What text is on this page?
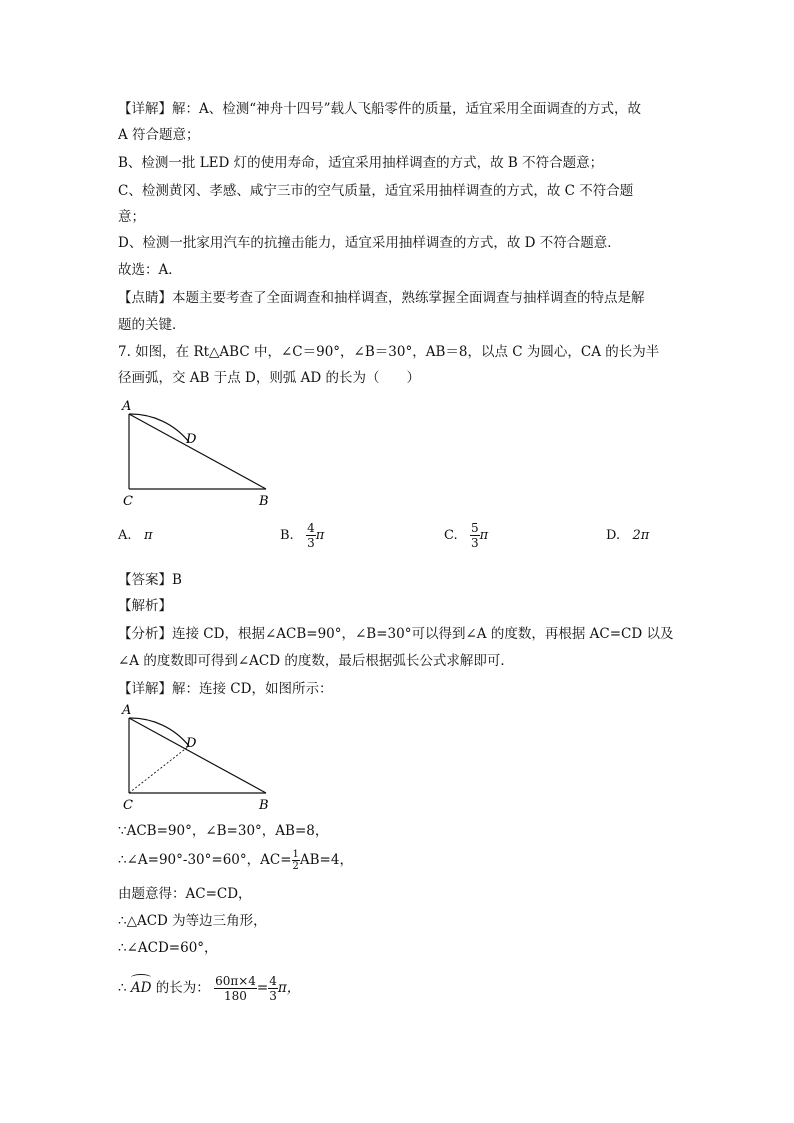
【详解】解：A、检测“神舟十四号”载人飞船零件的质量，适宜采用全面调查的方式，故
A 符合题意；
B、检测一批 LED 灯的使用寿命，适宜采用抽样调查的方式，故 B 不符合题意；
C、检测黄冈、孝感、咸宁三市的空气质量，适宜采用抽样调查的方式，故 C 不符合题
意；
D、检测一批家用汽车的抗撞击能力，适宜采用抽样调查的方式，故 D 不符合题意．
故选：A．
【点睛】本题主要考查了全面调查和抽样调查，熟练掌握全面调查与抽样调查的特点是解
题的关键．
7. 如图，在 Rt△ABC 中，∠C＝90°，∠B＝30°，AB＝8，以点 C 为圆心，CA 的长为半
径画弧，交 AB 于点 D，则弧 AD 的长为（　　）
A
D
C	B
A. π	B. $\frac{4}{3}$ π	C. $\frac{5}{3}$ π	D. 2π
【答案】B
【解析】
【分析】连接 CD，根据∠ACB=90°，∠B=30°可以得到∠A 的度数，再根据 AC=CD 以及
∠A 的度数即可得到∠ACD 的度数，最后根据弧长公式求解即可．
【详解】解：连接 CD，如图所示：
A
D
C	B
∵ACB=90°，∠B=30°，AB=8，
∴∠A=90°-30°=60°，$AC= \frac{1}{2} AB=4$，
由题意得：AC=CD，
∴△ACD 为等边三角形，
∴∠ACD=60°，
∴
AD 的长为： $\frac{60\pi\times 4}{180} = \frac{4}{3}$ π，
